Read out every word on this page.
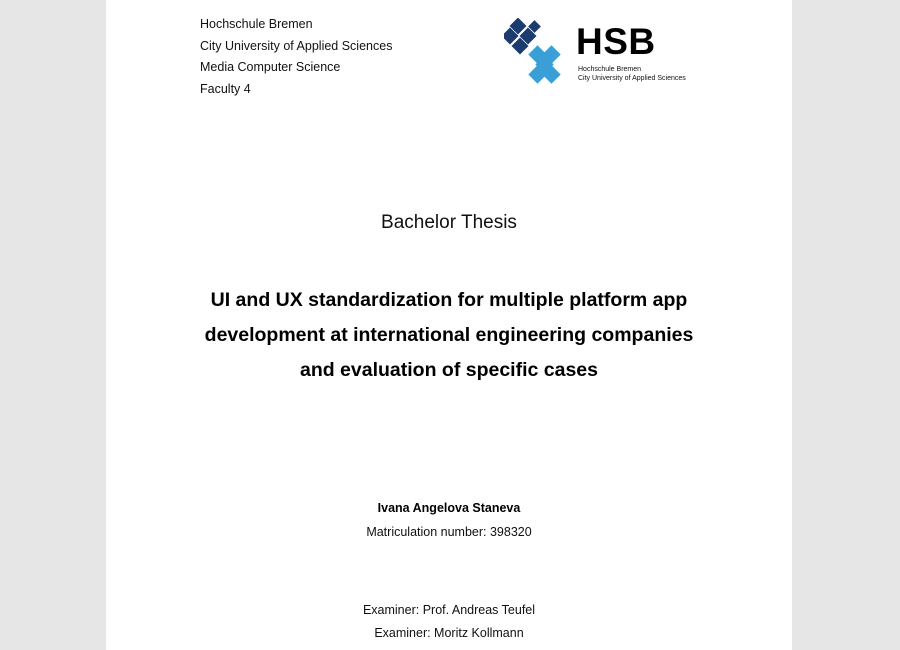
Hochschule Bremen
City University of Applied Sciences
Media Computer Science
Faculty 4
HSB
Hochschule Bremen
City University of Applied Sciences
Bachelor Thesis
UI and UX standardization for multiple platform app
development at international engineering companies
and evaluation of specific cases
Ivana Angelova Staneva
Matriculation number: 398320
Examiner: Prof. Andreas Teufel
Examiner: Moritz Kollmann
